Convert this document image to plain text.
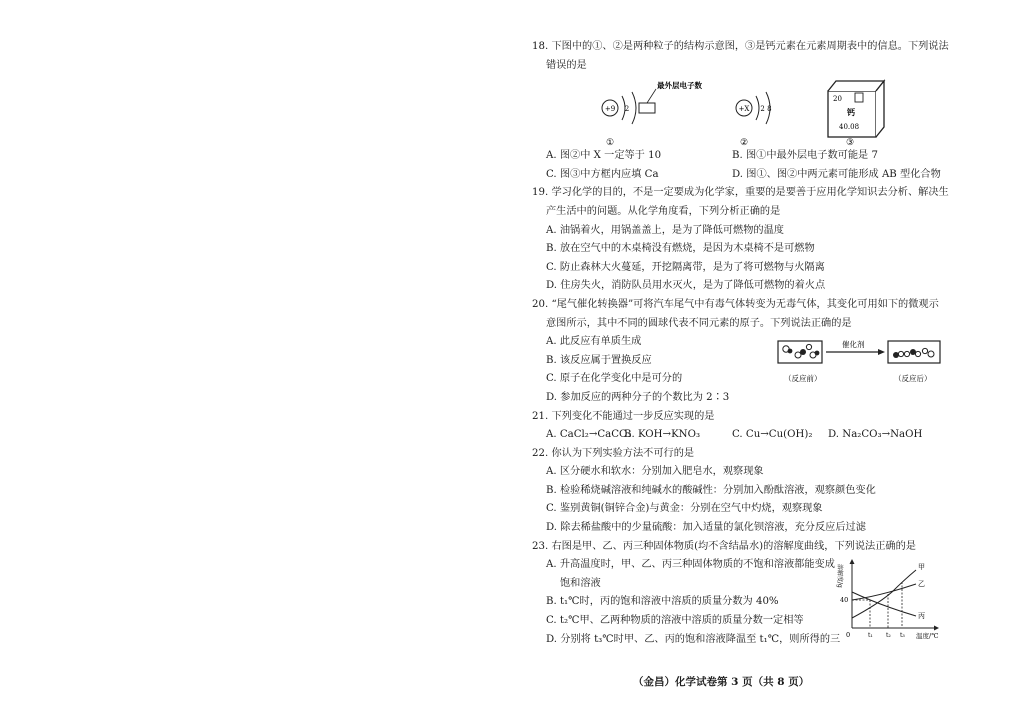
18. 下图中的①、②是两种粒子的结构示意图，③是钙元素在元素周期表中的信息。下列说法

错误的是

+9 2
最外层电子数
+X 2 8
20
钙
40.08
①	②	③
A. 图②中 X 一定等于 10	B. 图①中最外层电子数可能是 7
C. 图③中方框内应填 Ca	D. 图①、图②中两元素可能形成 AB 型化合物

19. 学习化学的目的，不是一定要成为化学家，重要的是要善于应用化学知识去分析、解决生

产生活中的问题。从化学角度看，下列分析正确的是

A. 油锅着火，用锅盖盖上，是为了降低可燃物的温度
B. 放在空气中的木桌椅没有燃烧，是因为木桌椅不是可燃物
C. 防止森林大火蔓延，开挖隔离带，是为了将可燃物与火隔离
D. 住房失火，消防队员用水灭火，是为了降低可燃物的着火点

20. “尾气催化转换器”可将汽车尾气中有毒气体转变为无毒气体，其变化可用如下的微观示

意图所示，其中不同的圆球代表不同元素的原子。下列说法正确的是

A. 此反应有单质生成
B. 该反应属于置换反应
C. 原子在化学变化中是可分的
D. 参加反应的两种分子的个数比为 2∶3
催化剂
（反应前）	（反应后）

21. 下列变化不能通过一步反应实现的是

A. CaCl₂→CaCO₃
B. KOH→KNO₃	C. Cu→Cu(OH)₂	D. Na₂CO₃→NaOH

22. 你认为下列实验方法不可行的是

A. 区分硬水和软水：分别加入肥皂水，观察现象
B. 检验稀烧碱溶液和纯碱水的酸碱性：分别加入酚酞溶液，观察颜色变化
C. 鉴别黄铜(铜锌合金)与黄金：分别在空气中灼烧，观察现象
D. 除去稀盐酸中的少量硫酸：加入适量的氯化钡溶液，充分反应后过滤

23. 右图是甲、乙、丙三种固体物质(均不含结晶水)的溶解度曲线，下列说法正确的是

A. 升高温度时，甲、乙、丙三种固体物质的不饱和溶液都能变成
饱和溶液
B. t₁℃时，丙的饱和溶液中溶质的质量分数为 40%
C. t₂℃甲、乙两种物质的溶液中溶质的质量分数一定相等
D. 分别将 t₃℃时甲、乙、丙的饱和溶液降温至 t₁℃，则所得的三
溶解度/g
温度/℃
40
0	t₁ t₂ t₃
甲
乙
丙
（金昌）化学试卷第 3 页（共 8 页）
